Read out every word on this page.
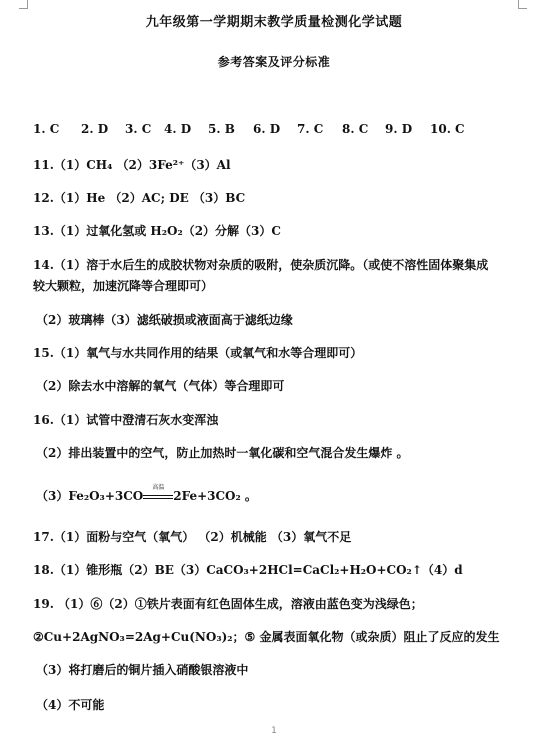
九年级第一学期期末教学质量检测化学试题
参考答案及评分标准
1. C 2. D 3. C 4. D 5. B 6. D 7. C 8. C 9. D 10. C
11.（1）CH₄ （2）3Fe²⁺（3）Al
12.（1）He （2）AC; DE （3）BC
13.（1）过氧化氢或 H₂O₂（2）分解（3）C
14.（1）溶于水后生的成胶状物对杂质的吸附，使杂质沉降。（或使不溶性固体聚集成
较大颗粒，加速沉降等合理即可）
（2）玻璃棒（3）滤纸破损或液面高于滤纸边缘
15.（1）氧气与水共同作用的结果（或氧气和水等合理即可）
（2）除去水中溶解的氧气（气体）等合理即可
16.（1）试管中澄清石灰水变浑浊
（2）排出装置中的空气，防止加热时一氧化碳和空气混合发生爆炸 。
（3）Fe₂O₃+3CO
高温
2Fe+3CO₂ 。
17.（1）面粉与空气（氧气） （2）机械能 （3）氧气不足
18.（1）锥形瓶（2）BE（3）CaCO₃+2HCl=CaCl₂+H₂O+CO₂↑（4）d
19. （1）⑥（2）①铁片表面有红色固体生成，溶液由蓝色变为浅绿色；
②Cu+2AgNO₃=2Ag+Cu(NO₃)₂；⑤ 金属表面氧化物（或杂质）阻止了反应的发生
（3）将打磨后的铜片插入硝酸银溶液中
（4）不可能
1
